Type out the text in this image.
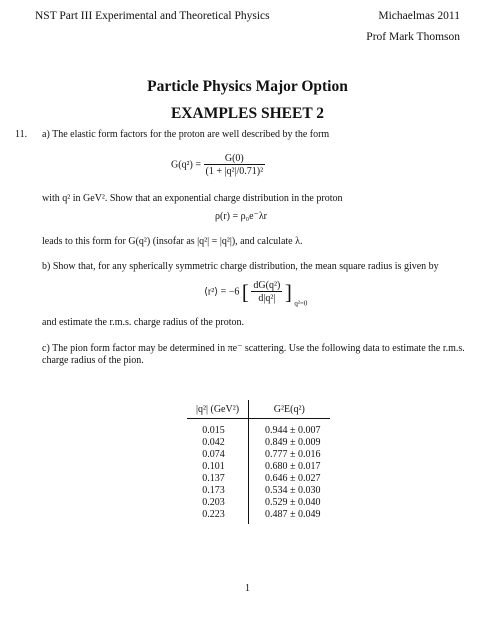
NST Part III Experimental and Theoretical Physics	Michaelmas 2011
Prof Mark Thomson
Particle Physics Major Option
EXAMPLES SHEET 2
11. a) The elastic form factors for the proton are well described by the form
$G(q^2) = \frac{G(0)}{\text{(1 + |q²|/0.71)²}}$
with q² in GeV². Show that an exponential charge distribution in the proton
ρ(r) = ρ₀e⁻λr
leads to this form for G(q²) (insofar as |q²| = |q²|), and calculate λ.
b) Show that, for any spherically symmetric charge distribution, the mean square radius is given by
⟨r²⟩ = −6 [ $\frac{\text{dG(q²)}}{\text{d|q²|}}$ ] $_{q^2=0}$
and estimate the r.m.s. charge radius of the proton.
c) The pion form factor may be determined in πe⁻ scattering. Use the following data to estimate the r.m.s. charge radius of the pion.
|q²| (GeV²)	G²E(q²)
0.015	0.944 ± 0.007
0.042	0.849 ± 0.009
0.074	0.777 ± 0.016
0.101	0.680 ± 0.017
0.137	0.646 ± 0.027
0.173	0.534 ± 0.030
0.203	0.529 ± 0.040
0.223	0.487 ± 0.049
1
